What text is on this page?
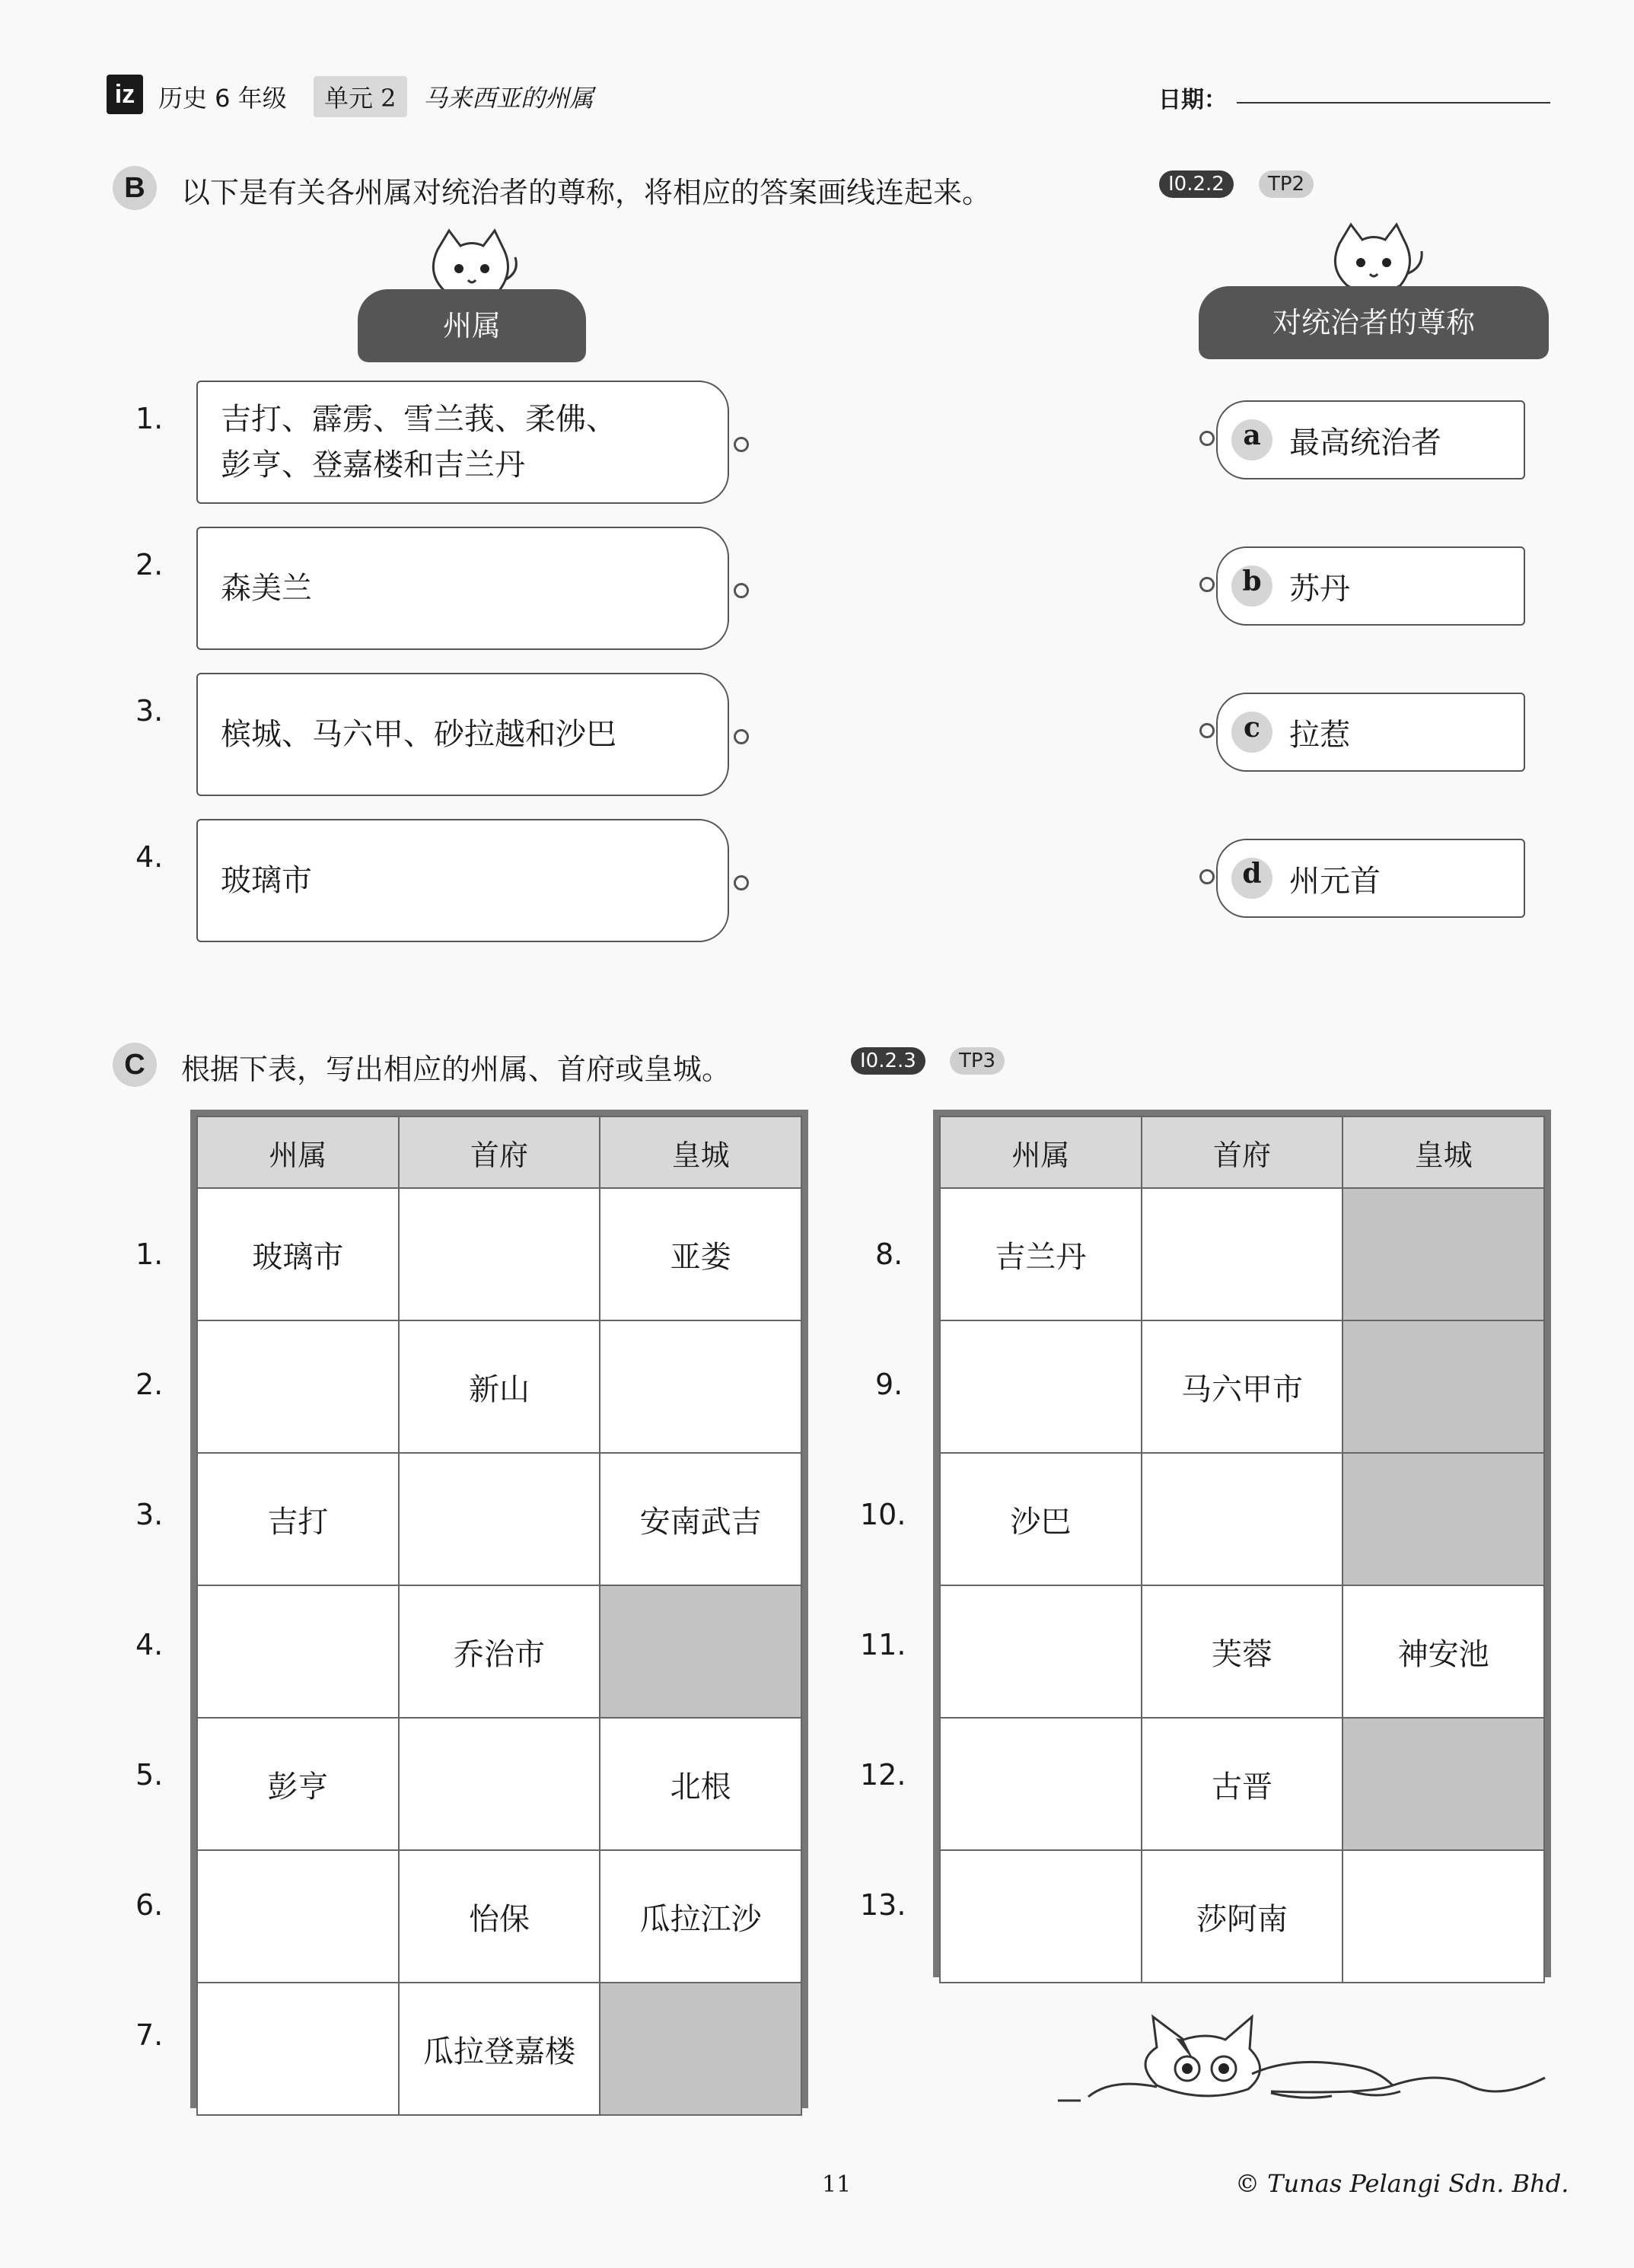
iz 历史 6 年级	单元 2	马来西亚的州属	日期：
B	以下是有关各州属对统治者的尊称，将相应的答案画线连起来。	I0.2.2	TP2
州属	对统治者的尊称
1. 吉打、霹雳、雪兰莪、柔佛、
彭亨、登嘉楼和吉兰丹
2.
森美兰
3.
槟城、马六甲、砂拉越和沙巴
4.
玻璃市
a 最高统治者
b 苏丹
c 拉惹
d 州元首
C	根据下表，写出相应的州属、首府或皇城。	I0.2.3	TP3
州属	首府	皇城
玻璃市		亚娄
	新山	
吉打		安南武吉
	乔治市	
彭亨		北根
	怡保	瓜拉江沙
	瓜拉登嘉楼	
1.
2.
3.
4.
5.
6.
7.
州属	首府	皇城
吉兰丹		
	马六甲市	
沙巴		
	芙蓉	神安池
	古晋	
	莎阿南	
8.
9.
10.
11.
12.
13.
11	© Tunas Pelangi Sdn. Bhd.
